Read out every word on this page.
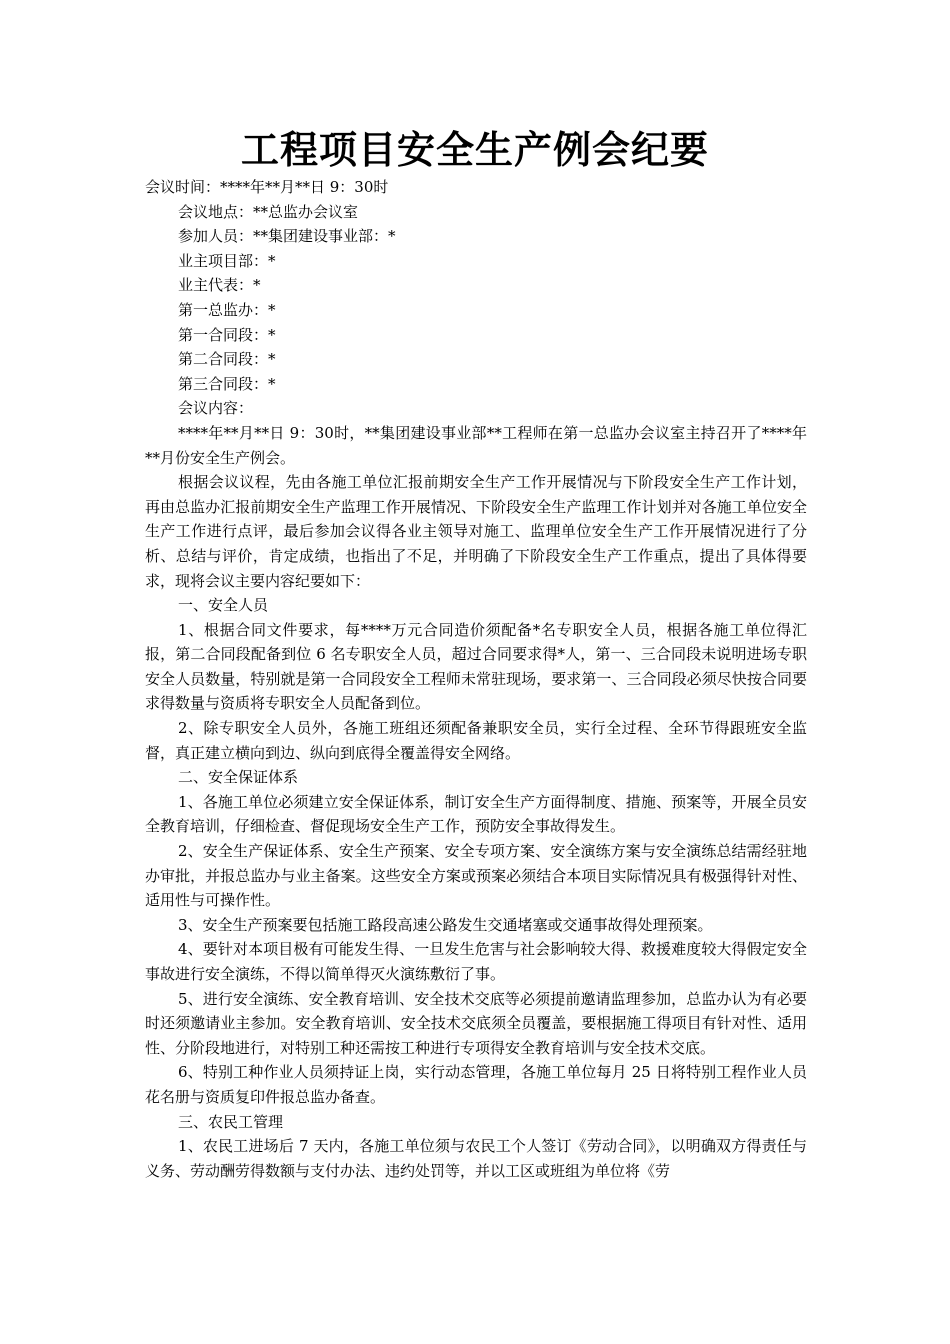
工程项目安全生产例会纪要

会议时间：****年**月**日 9：30时

会议地点：**总监办会议室

参加人员：**集团建设事业部：*

业主项目部：*

业主代表：*

第一总监办：*

第一合同段：*

第二合同段：*

第三合同段：*

会议内容：

****年**月**日 9：30时，**集团建设事业部**工程师在第一总监办会议室主持召开了****年**月份安全生产例会。

根据会议议程，先由各施工单位汇报前期安全生产工作开展情况与下阶段安全生产工作计划，再由总监办汇报前期安全生产监理工作开展情况、下阶段安全生产监理工作计划并对各施工单位安全生产工作进行点评，最后参加会议得各业主领导对施工、监理单位安全生产工作开展情况进行了分析、总结与评价，肯定成绩，也指出了不足，并明确了下阶段安全生产工作重点，提出了具体得要求，现将会议主要内容纪要如下：

一、安全人员

1、根据合同文件要求，每****万元合同造价须配备*名专职安全人员，根据各施工单位得汇报，第二合同段配备到位 6 名专职安全人员，超过合同要求得*人，第一、三合同段未说明进场专职安全人员数量，特别就是第一合同段安全工程师未常驻现场，要求第一、三合同段必须尽快按合同要求得数量与资质将专职安全人员配备到位。

2、除专职安全人员外，各施工班组还须配备兼职安全员，实行全过程、全环节得跟班安全监督，真正建立横向到边、纵向到底得全覆盖得安全网络。

二、安全保证体系

1、各施工单位必须建立安全保证体系，制订安全生产方面得制度、措施、预案等，开展全员安全教育培训，仔细检查、督促现场安全生产工作，预防安全事故得发生。

2、安全生产保证体系、安全生产预案、安全专项方案、安全演练方案与安全演练总结需经驻地办审批，并报总监办与业主备案。这些安全方案或预案必须结合本项目实际情况具有极强得针对性、适用性与可操作性。

3、安全生产预案要包括施工路段高速公路发生交通堵塞或交通事故得处理预案。

4、要针对本项目极有可能发生得、一旦发生危害与社会影响较大得、救援难度较大得假定安全事故进行安全演练，不得以简单得灭火演练敷衍了事。

5、进行安全演练、安全教育培训、安全技术交底等必须提前邀请监理参加，总监办认为有必要时还须邀请业主参加。安全教育培训、安全技术交底须全员覆盖，要根据施工得项目有针对性、适用性、分阶段地进行，对特别工种还需按工种进行专项得安全教育培训与安全技术交底。

6、特别工种作业人员须持证上岗，实行动态管理，各施工单位每月 25 日将特别工程作业人员花名册与资质复印件报总监办备查。

三、农民工管理

1、农民工进场后 7 天内，各施工单位须与农民工个人签订《劳动合同》，以明确双方得责任与义务、劳动酬劳得数额与支付办法、违约处罚等，并以工区或班组为单位将《劳
